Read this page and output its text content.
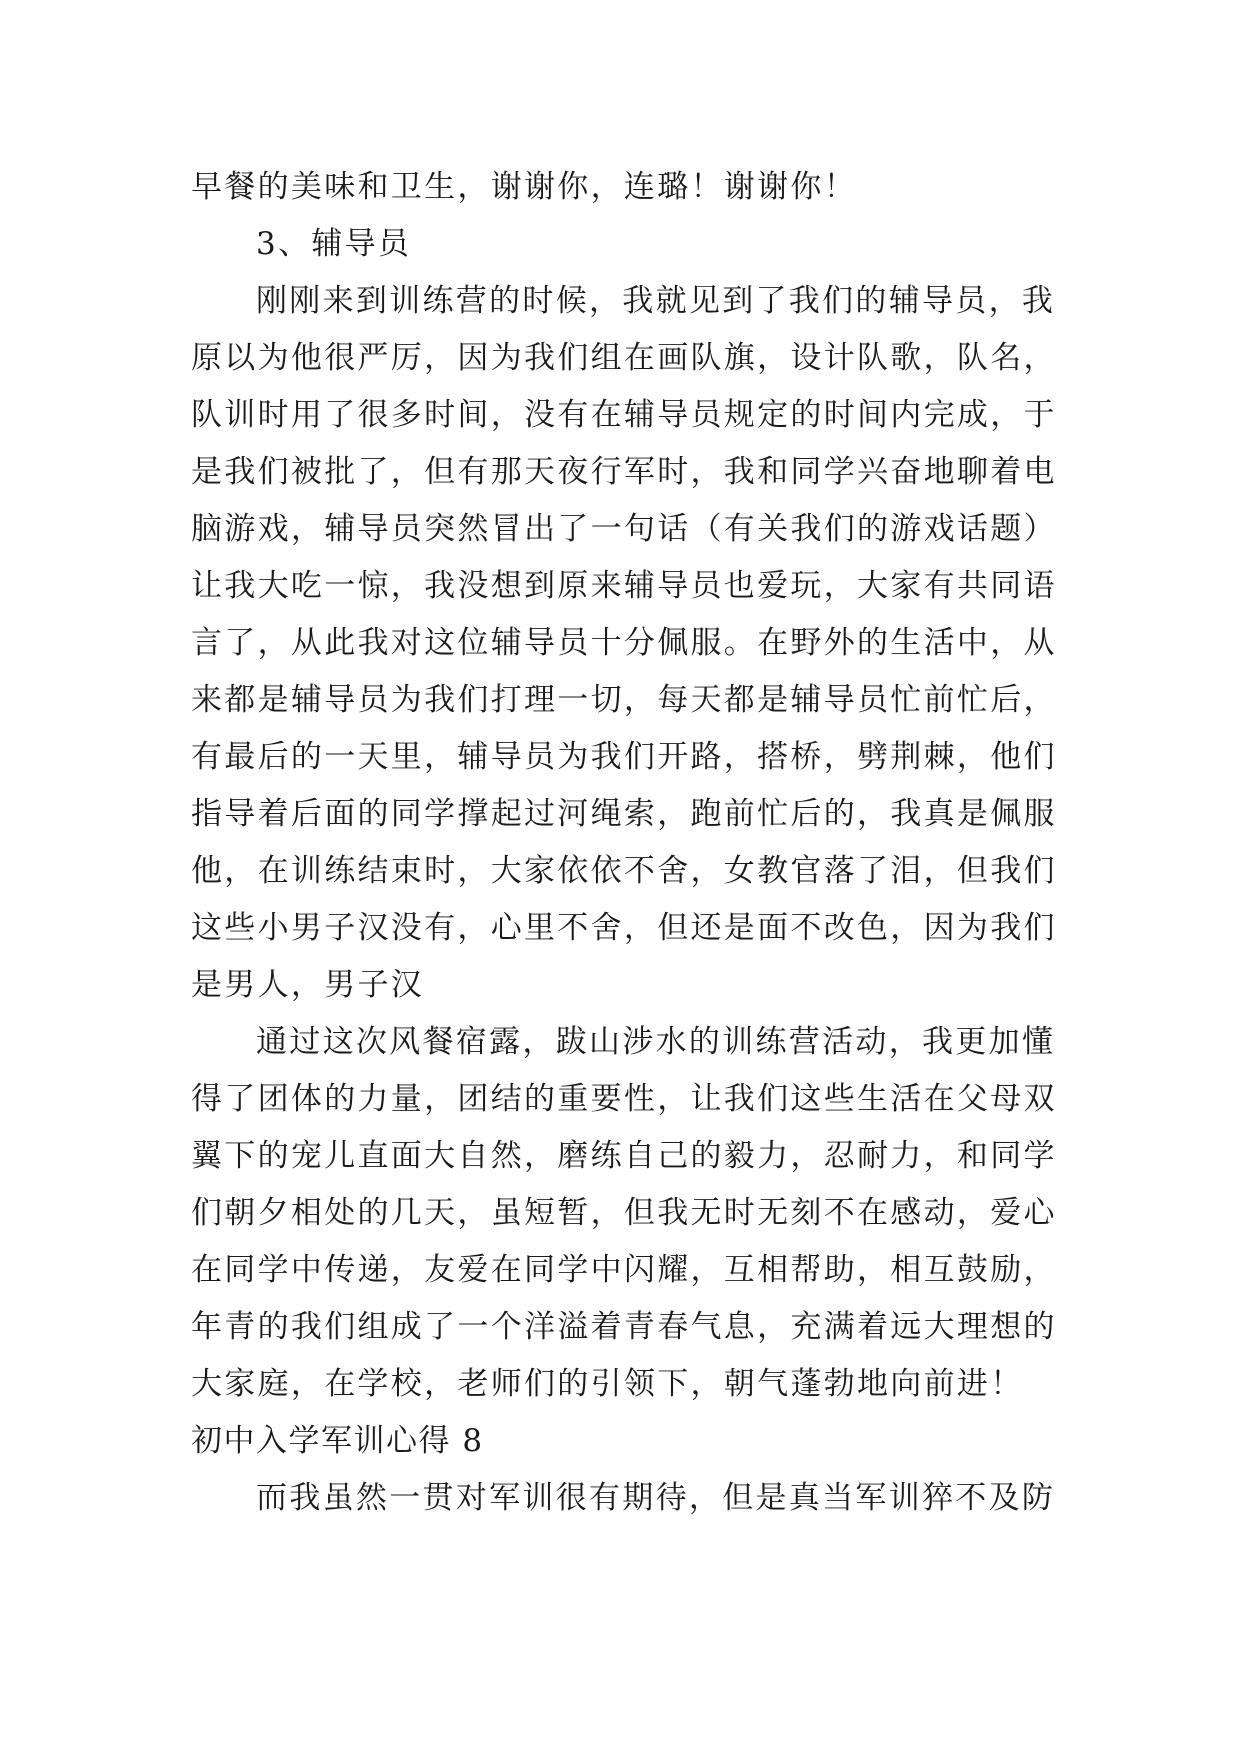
早餐的美味和卫生，谢谢你，连璐！谢谢你！
3、辅导员
刚刚来到训练营的时候，我就见到了我们的辅导员，我
原以为他很严厉，因为我们组在画队旗，设计队歌，队名，
队训时用了很多时间，没有在辅导员规定的时间内完成，于
是我们被批了，但有那天夜行军时，我和同学兴奋地聊着电
脑游戏，辅导员突然冒出了一句话（有关我们的游戏话题）
让我大吃一惊，我没想到原来辅导员也爱玩，大家有共同语
言了，从此我对这位辅导员十分佩服。在野外的生活中，从
来都是辅导员为我们打理一切，每天都是辅导员忙前忙后，
有最后的一天里，辅导员为我们开路，搭桥，劈荆棘，他们
指导着后面的同学撑起过河绳索，跑前忙后的，我真是佩服
他，在训练结束时，大家依依不舍，女教官落了泪，但我们
这些小男子汉没有，心里不舍，但还是面不改色，因为我们
是男人，男子汉
通过这次风餐宿露，跋山涉水的训练营活动，我更加懂
得了团体的力量，团结的重要性，让我们这些生活在父母双
翼下的宠儿直面大自然，磨练自己的毅力，忍耐力，和同学
们朝夕相处的几天，虽短暂，但我无时无刻不在感动，爱心
在同学中传递，友爱在同学中闪耀，互相帮助，相互鼓励，
年青的我们组成了一个洋溢着青春气息，充满着远大理想的
大家庭，在学校，老师们的引领下，朝气蓬勃地向前进！
初中入学军训心得 8
而我虽然一贯对军训很有期待，但是真当军训猝不及防
